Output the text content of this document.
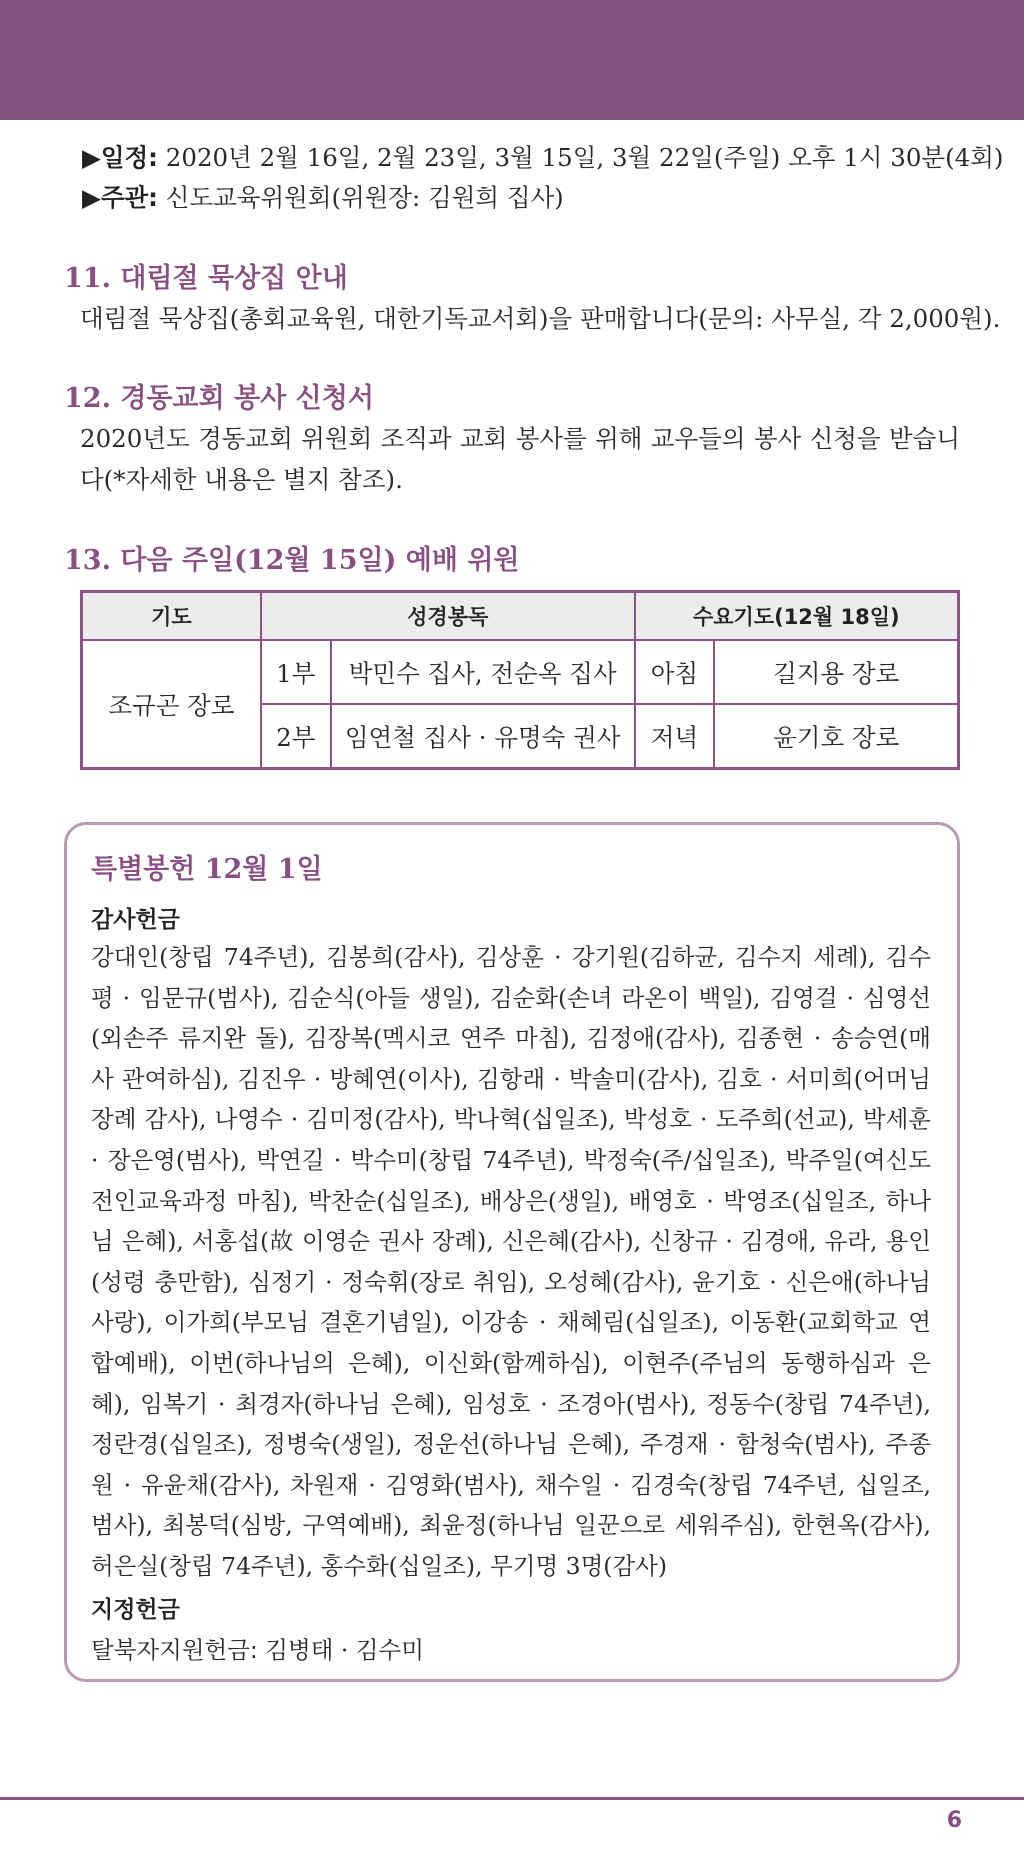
▶일정: 2020년 2월 16일, 2월 23일, 3월 15일, 3월 22일(주일) 오후 1시 30분(4회)
▶주관: 신도교육위원회(위원장: 김원희 집사)
11. 대림절 묵상집 안내
대림절 묵상집(총회교육원, 대한기독교서회)을 판매합니다(문의: 사무실, 각 2,000원).
12. 경동교회 봉사 신청서
2020년도 경동교회 위원회 조직과 교회 봉사를 위해 교우들의 봉사 신청을 받습니다(*자세한 내용은 별지 참조).
13. 다음 주일(12월 15일) 예배 위원
기도	성경봉독		수요기도(12월 18일)	
조규곤 장로	1부	박민수 집사, 전순옥 집사	아침	길지용 장로
	2부	임연철 집사 · 유명숙 권사	저녁	윤기호 장로
특별봉헌 12월 1일
감사헌금
강대인(창립 74주년), 김봉희(감사), 김상훈 · 강기원(김하균, 김수지 세례), 김수평 · 임문규(범사), 김순식(아들 생일), 김순화(손녀 라온이 백일), 김영걸 · 심영선(외손주 류지완 돌), 김장복(멕시코 연주 마침), 김정애(감사), 김종현 · 송승연(매사 관여하심), 김진우 · 방혜연(이사), 김항래 · 박솔미(감사), 김호 · 서미희(어머님 장례 감사), 나영수 · 김미정(감사), 박나혁(십일조), 박성호 · 도주희(선교), 박세훈 · 장은영(범사), 박연길 · 박수미(창립 74주년), 박정숙(주/십일조), 박주일(여신도 전인교육과정 마침), 박찬순(십일조), 배상은(생일), 배영호 · 박영조(십일조, 하나님 은혜), 서홍섭(故 이영순 권사 장례), 신은혜(감사), 신창규 · 김경애, 유라, 용인(성령 충만함), 심정기 · 정숙휘(장로 취임), 오성혜(감사), 윤기호 · 신은애(하나님 사랑), 이가희(부모님 결혼기념일), 이강송 · 채혜림(십일조), 이동환(교회학교 연합예배), 이번(하나님의 은혜), 이신화(함께하심), 이현주(주님의 동행하심과 은혜), 임복기 · 최경자(하나님 은혜), 임성호 · 조경아(범사), 정동수(창립 74주년), 정란경(십일조), 정병숙(생일), 정운선(하나님 은혜), 주경재 · 함청숙(범사), 주종원 · 유윤채(감사), 차원재 · 김영화(범사), 채수일 · 김경숙(창립 74주년, 십일조, 범사), 최봉덕(심방, 구역예배), 최윤정(하나님 일꾼으로 세워주심), 한현옥(감사), 허은실(창립 74주년), 홍수화(십일조), 무기명 3명(감사)
지정헌금
탈북자지원헌금: 김병태 · 김수미
6
